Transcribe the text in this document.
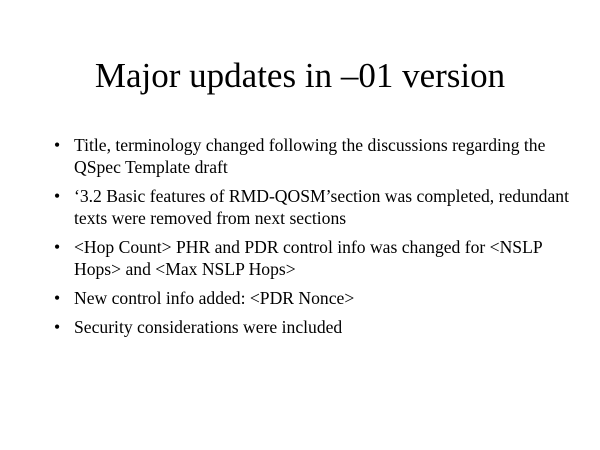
Major updates in –01 version
• Title, terminology changed following the discussions regarding the QSpec Template draft
• ‘3.2 Basic features of RMD-QOSM’section was completed, redundant texts were removed from next sections
• <Hop Count> PHR and PDR control info was changed for <NSLP Hops> and <Max NSLP Hops>
• New control info added: <PDR Nonce>
• Security considerations were included
